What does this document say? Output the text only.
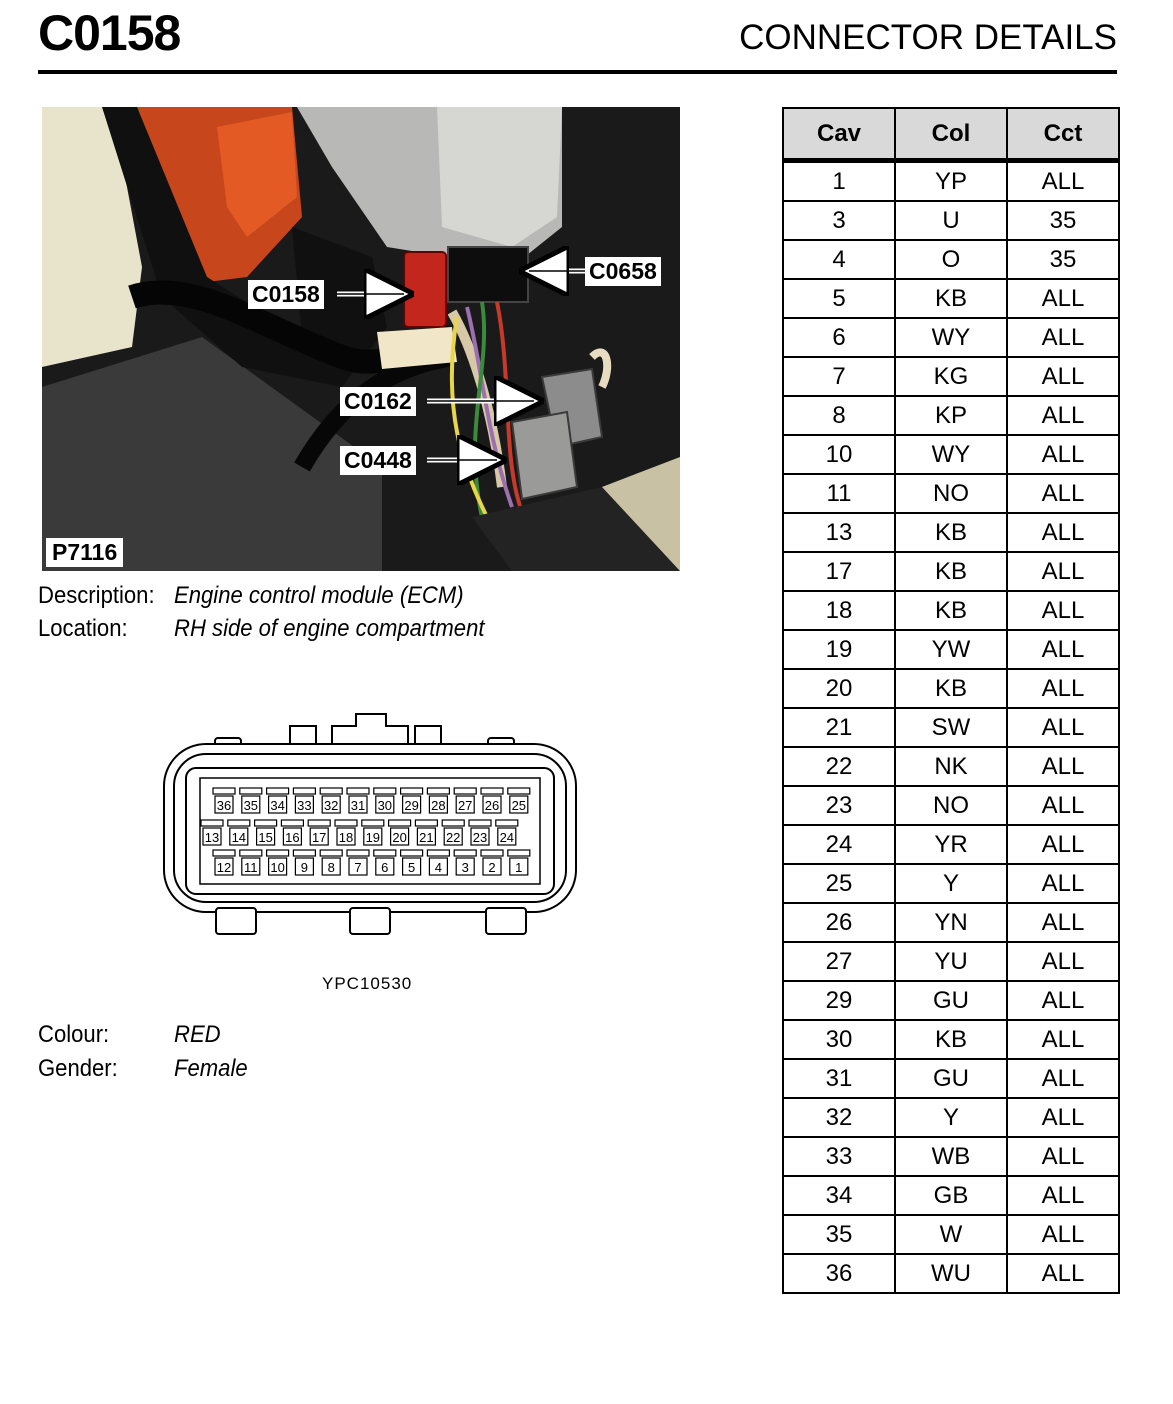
C0158	CONNECTOR DETAILS
C0158
C0658
C0162
C0448
P7116
Description: Engine control module (ECM)
Location: RH side of engine compartment
36 35 34 33 32 31 30 29 28 27 26 25
13 14 15 16 17 18 19 20 21 22 23 24
12 11 10 9 8 7 6 5 4 3 2 1
YPC10530
Colour:	RED
Gender: Female
Cav	Col	Cct
1	YP	ALL
3	U	35
4	O	35
5	KB	ALL
6	WY	ALL
7	KG	ALL
8	KP	ALL
10	WY	ALL
11	NO	ALL
13	KB	ALL
17	KB	ALL
18	KB	ALL
19	YW	ALL
20	KB	ALL
21	SW	ALL
22	NK	ALL
23	NO	ALL
24	YR	ALL
25	Y	ALL
26	YN	ALL
27	YU	ALL
29	GU	ALL
30	KB	ALL
31	GU	ALL
32	Y	ALL
33	WB	ALL
34	GB	ALL
35	W	ALL
36	WU	ALL
